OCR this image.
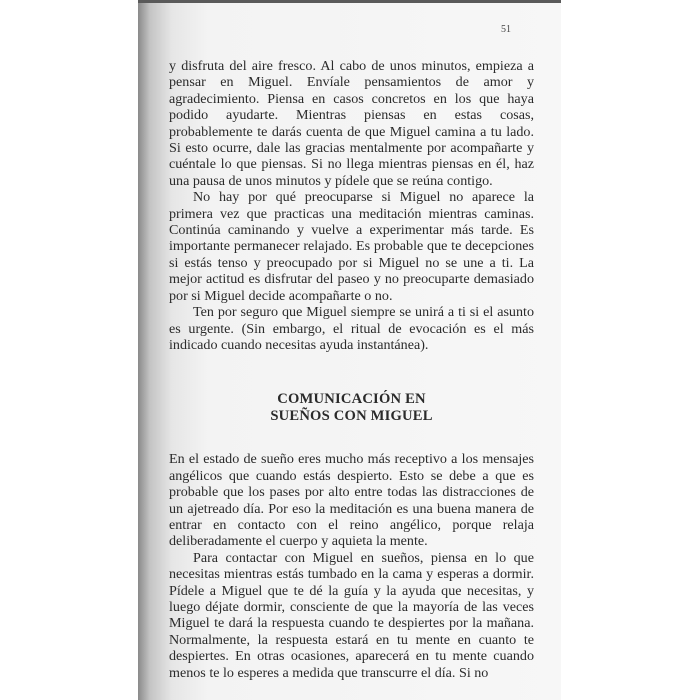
51

y disfruta del aire fresco. Al cabo de unos minutos, empieza a pensar en Miguel. Envíale pensamientos de amor y agradecimiento. Piensa en casos concretos en los que haya podido ayudarte. Mientras piensas en estas cosas, probablemente te darás cuenta de que Miguel camina a tu lado. Si esto ocurre, dale las gracias mentalmente por acompañarte y cuéntale lo que piensas. Si no llega mientras piensas en él, haz una pausa de unos minutos y pídele que se reúna contigo.

No hay por qué preocuparse si Miguel no aparece la primera vez que practicas una meditación mientras caminas. Continúa caminando y vuelve a experimentar más tarde. Es importante permanecer relajado. Es probable que te decepciones si estás tenso y preocupado por si Miguel no se une a ti. La mejor actitud es disfrutar del paseo y no preocuparte demasiado por si Miguel decide acompañarte o no.

Ten por seguro que Miguel siempre se unirá a ti si el asunto es urgente. (Sin embargo, el ritual de evocación es el más indicado cuando necesitas ayuda instantánea).

COMUNICACIÓN EN
SUEÑOS CON MIGUEL

En el estado de sueño eres mucho más receptivo a los mensajes angélicos que cuando estás despierto. Esto se debe a que es probable que los pases por alto entre todas las distracciones de un ajetreado día. Por eso la meditación es una buena manera de entrar en contacto con el reino angélico, porque relaja deliberadamente el cuerpo y aquieta la mente.

Para contactar con Miguel en sueños, piensa en lo que necesitas mientras estás tumbado en la cama y esperas a dormir. Pídele a Miguel que te dé la guía y la ayuda que necesitas, y luego déjate dormir, consciente de que la mayoría de las veces Miguel te dará la respuesta cuando te despiertes por la mañana. Normalmente, la respuesta estará en tu mente en cuanto te despiertes. En otras ocasiones, aparecerá en tu mente cuando menos te lo esperes a medida que transcurre el día. Si no
